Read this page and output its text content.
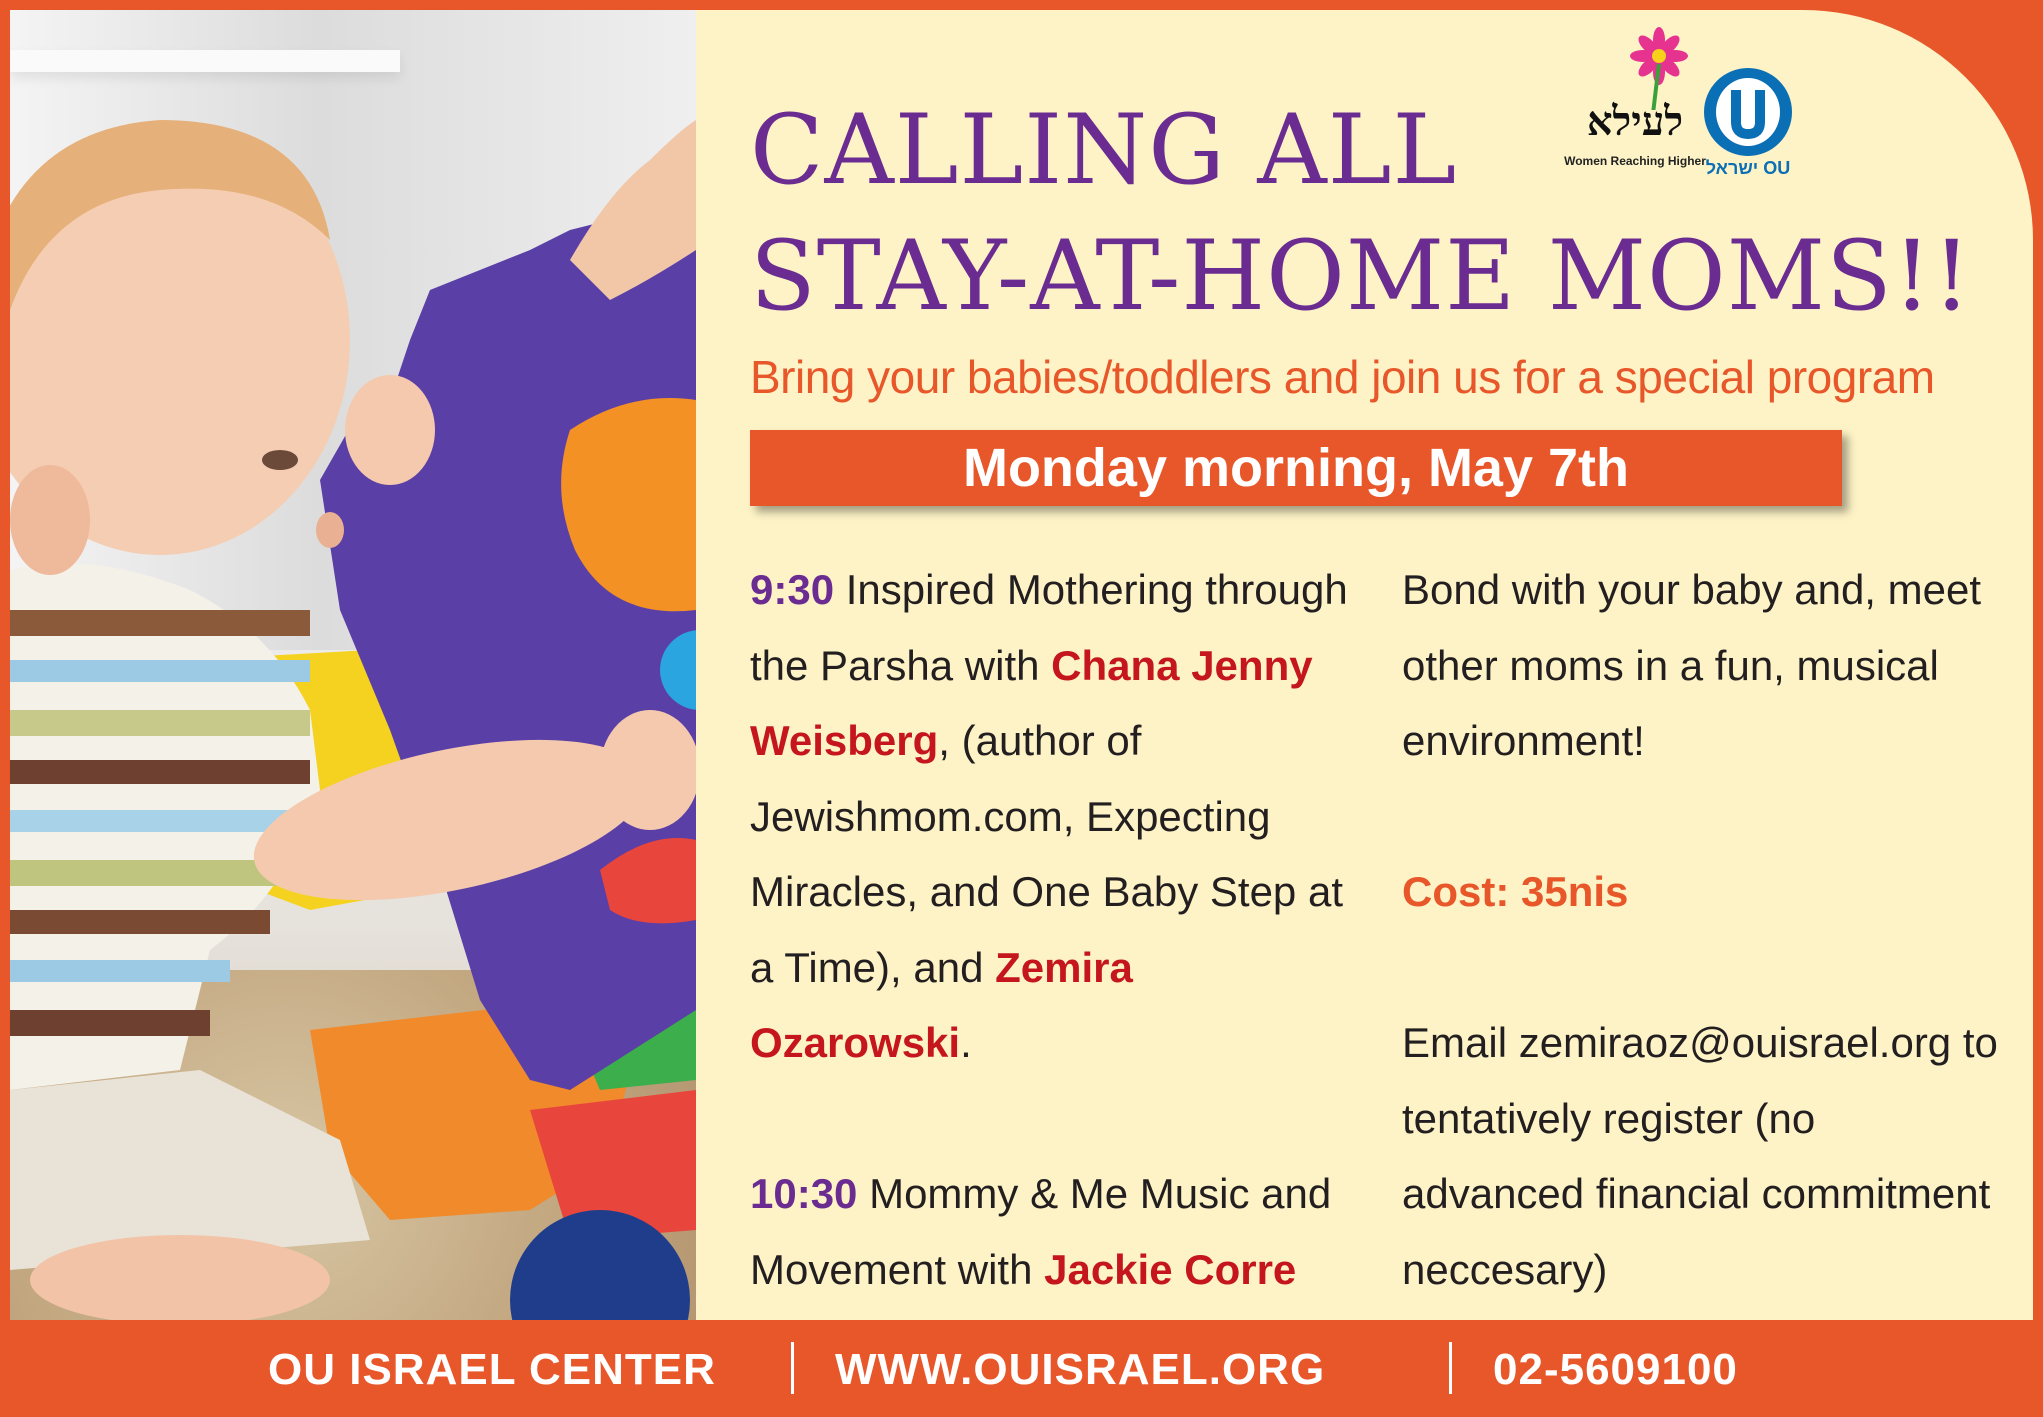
CALLING ALL
STAY-AT-HOME MOMS!!
Bring your babies/toddlers and join us for a special program
Monday morning, May 7th

9:30 Inspired Mothering through the Parsha with Chana Jenny Weisberg, (author of Jewishmom.com, Expecting Miracles, and One Baby Step at a Time), and Zemira Ozarowski.

10:30 Mommy & Me Music and Movement with Jackie Corre

Bond with your baby and, meet other moms in a fun, musical environment!

Cost: 35nis

Email zemiraoz@ouisrael.org to tentatively register (no advanced financial commitment neccesary)

לעילא
Women Reaching Higher OU ישראל
OU ISRAEL CENTER	WWW.OUISRAEL.ORG	02-5609100
